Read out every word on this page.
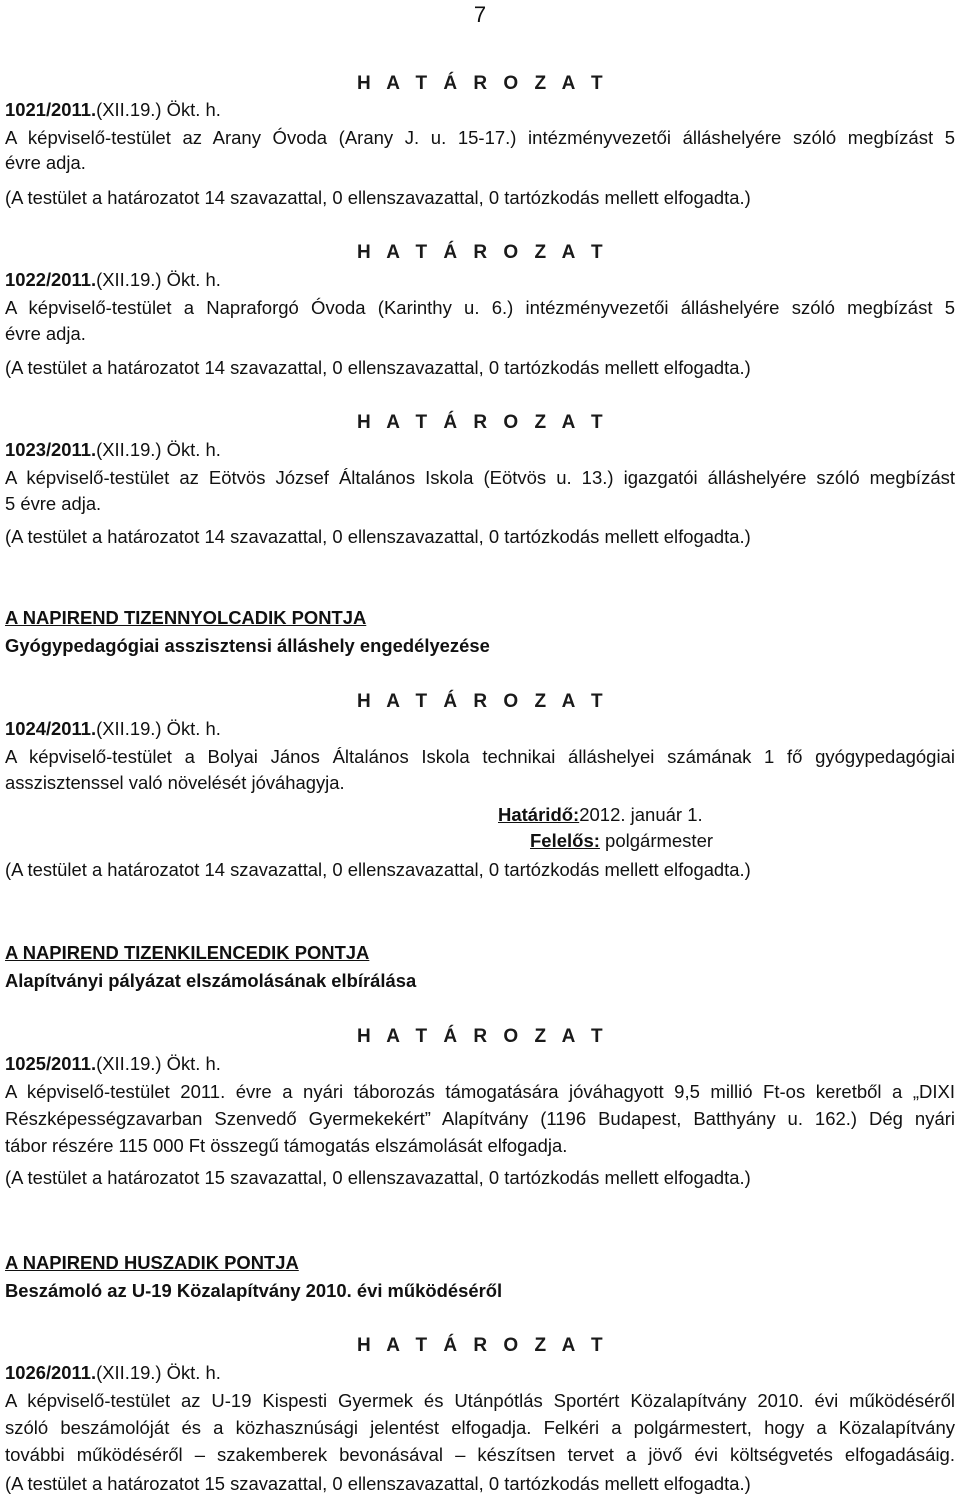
7
H A T Á R O Z A T
1021/2011.(XII.19.) Ökt. h.
A képviselő-testület az Arany Óvoda (Arany J. u. 15-17.) intézményvezetői álláshelyére szóló megbízást 5
évre adja.
(A testület a határozatot 14 szavazattal, 0 ellenszavazattal, 0 tartózkodás mellett elfogadta.)
H A T Á R O Z A T
1022/2011.(XII.19.) Ökt. h.
A képviselő-testület a Napraforgó Óvoda (Karinthy u. 6.) intézményvezetői álláshelyére szóló megbízást 5
évre adja.
(A testület a határozatot 14 szavazattal, 0 ellenszavazattal, 0 tartózkodás mellett elfogadta.)
H A T Á R O Z A T
1023/2011.(XII.19.) Ökt. h.
A képviselő-testület az Eötvös József Általános Iskola (Eötvös u. 13.) igazgatói álláshelyére szóló megbízást
5 évre adja.
(A testület a határozatot 14 szavazattal, 0 ellenszavazattal, 0 tartózkodás mellett elfogadta.)
A NAPIREND TIZENNYOLCADIK PONTJA
Gyógypedagógiai asszisztensi álláshely engedélyezése
H A T Á R O Z A T
1024/2011.(XII.19.) Ökt. h.
A képviselő-testület a Bolyai János Általános Iskola technikai álláshelyei számának 1 fő gyógypedagógiai
asszisztenssel való növelését jóváhagyja.
Határidő:2012. január 1.
Felelős: polgármester
(A testület a határozatot 14 szavazattal, 0 ellenszavazattal, 0 tartózkodás mellett elfogadta.)
A NAPIREND TIZENKILENCEDIK PONTJA
Alapítványi pályázat elszámolásának elbírálása
H A T Á R O Z A T
1025/2011.(XII.19.) Ökt. h.
A képviselő-testület 2011. évre a nyári táborozás támogatására jóváhagyott 9,5 millió Ft-os keretből a „DIXI
Részképességzavarban Szenvedő Gyermekekért” Alapítvány (1196 Budapest, Batthyány u. 162.) Dég nyári
tábor részére 115 000 Ft összegű támogatás elszámolását elfogadja.
(A testület a határozatot 15 szavazattal, 0 ellenszavazattal, 0 tartózkodás mellett elfogadta.)
A NAPIREND HUSZADIK PONTJA
Beszámoló az U-19 Közalapítvány 2010. évi működéséről
H A T Á R O Z A T
1026/2011.(XII.19.) Ökt. h.
A képviselő-testület az U-19 Kispesti Gyermek és Utánpótlás Sportért Közalapítvány 2010. évi működéséről
szóló beszámolóját és a közhasznúsági jelentést elfogadja. Felkéri a polgármestert, hogy a Közalapítvány
további működéséről – szakemberek bevonásával – készítsen tervet a jövő évi költségvetés elfogadásáig.
(A testület a határozatot 15 szavazattal, 0 ellenszavazattal, 0 tartózkodás mellett elfogadta.)
